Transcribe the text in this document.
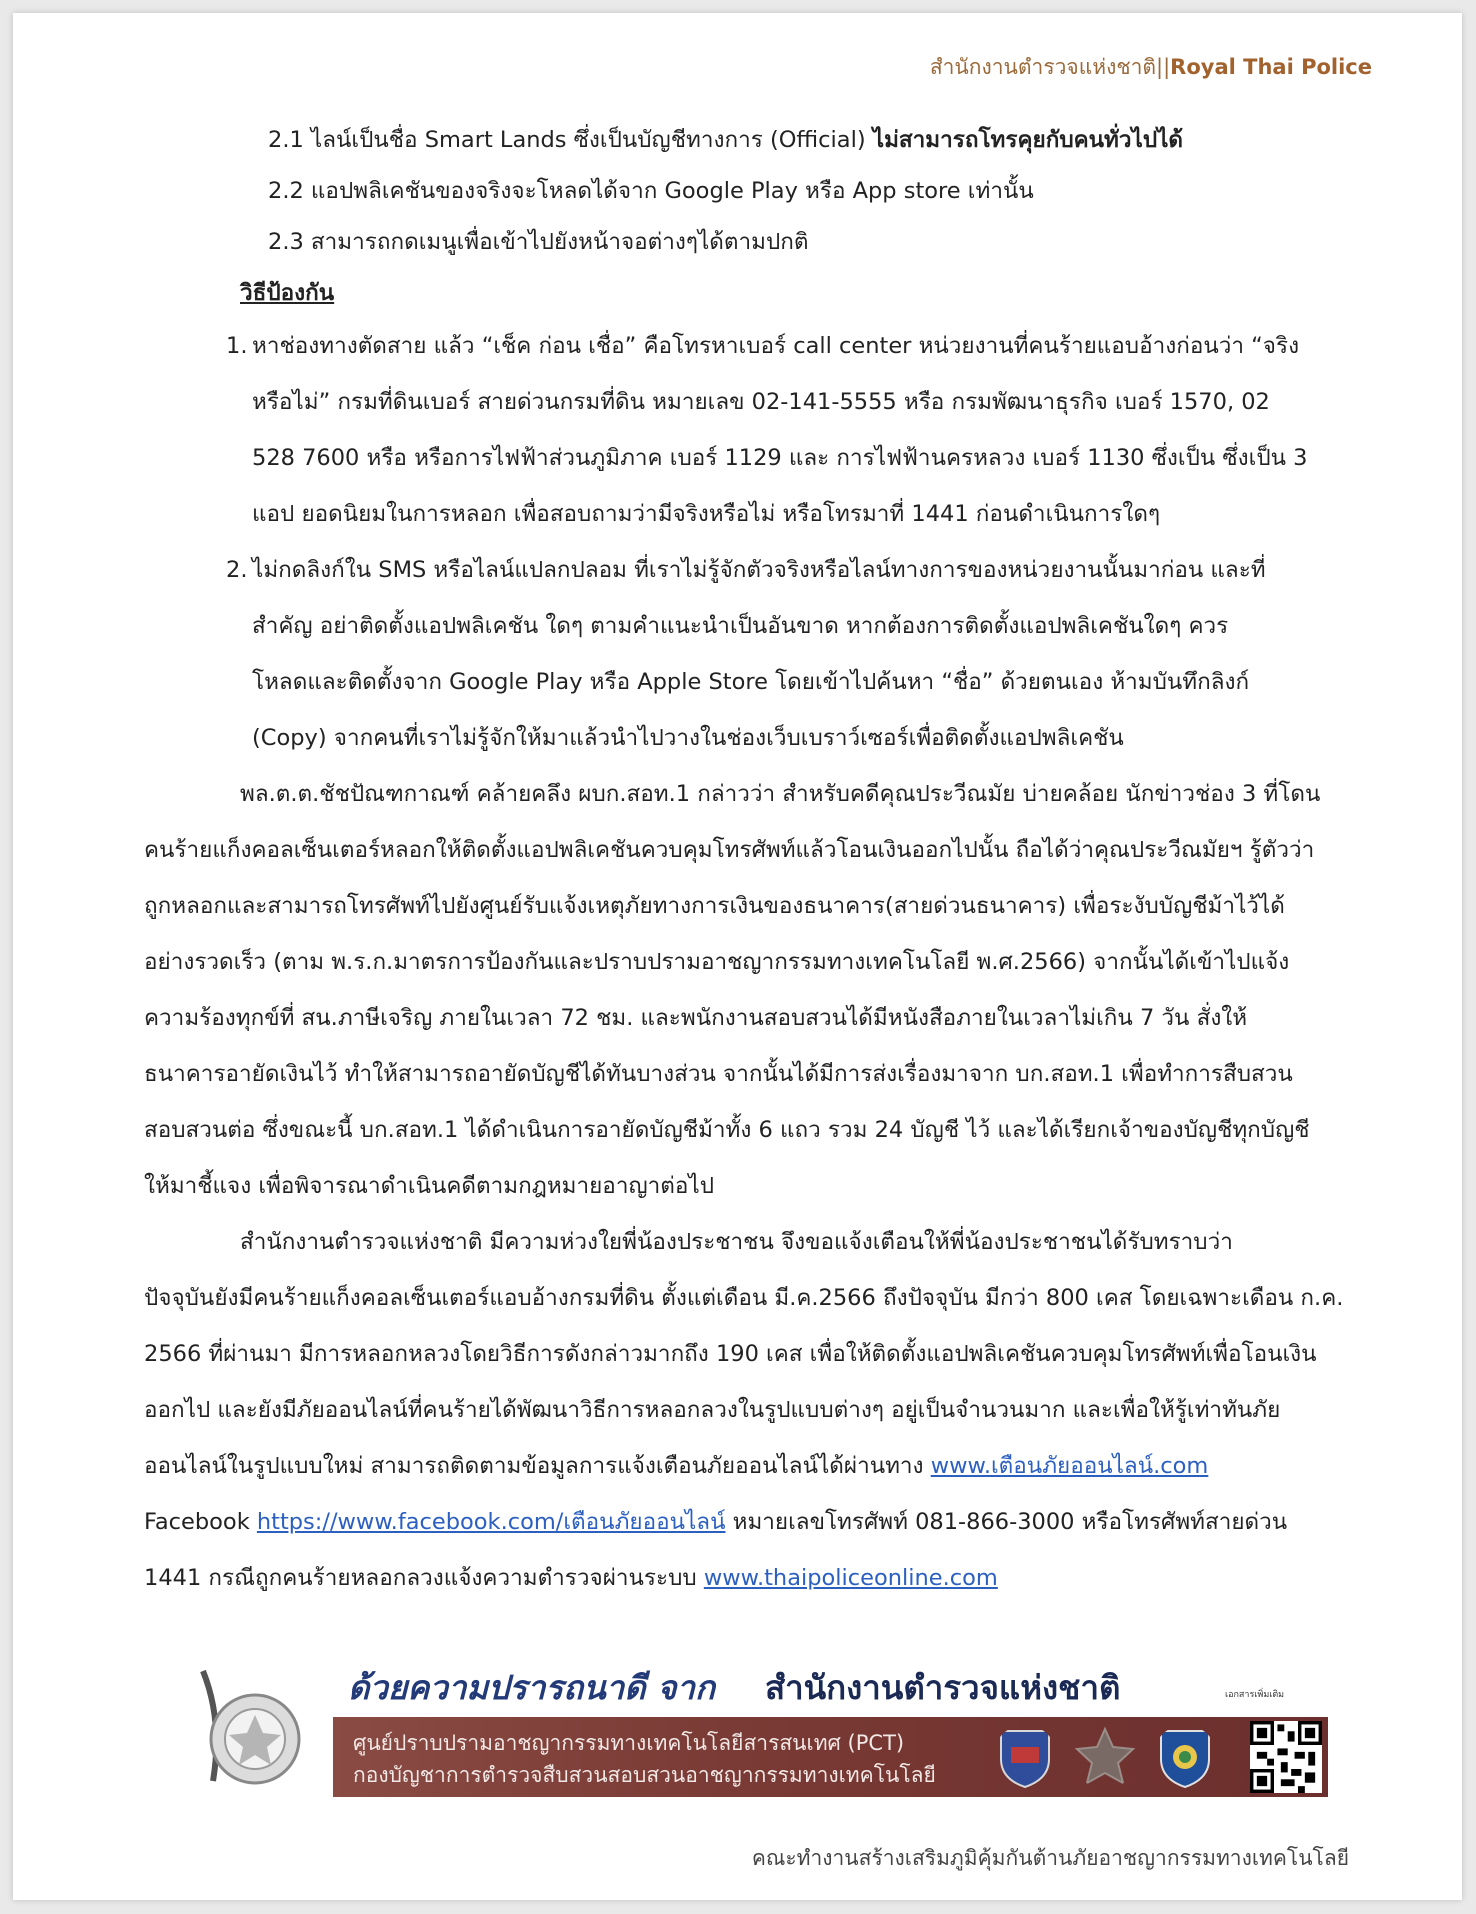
สำนักงานตำรวจแห่งชาติ||Royal Thai Police
2.1 ไลน์เป็นชื่อ Smart Lands ซึ่งเป็นบัญชีทางการ (Official) ไม่สามารถโทรคุยกับคนทั่วไปได้
2.2 แอปพลิเคชันของจริงจะโหลดได้จาก Google Play หรือ App store เท่านั้น
2.3 สามารถกดเมนูเพื่อเข้าไปยังหน้าจอต่างๆได้ตามปกติ
วิธีป้องกัน
1. หาช่องทางตัดสาย แล้ว “เช็ค ก่อน เชื่อ” คือโทรหาเบอร์ call center หน่วยงานที่คนร้ายแอบอ้างก่อนว่า “จริง
หรือไม่” กรมที่ดินเบอร์ สายด่วนกรมที่ดิน หมายเลข 02-141-5555 หรือ กรมพัฒนาธุรกิจ เบอร์ 1570, 02
528 7600 หรือ หรือการไฟฟ้าส่วนภูมิภาค เบอร์ 1129 และ การไฟฟ้านครหลวง เบอร์ 1130 ซึ่งเป็น ซึ่งเป็น 3
แอป ยอดนิยมในการหลอก เพื่อสอบถามว่ามีจริงหรือไม่ หรือโทรมาที่ 1441 ก่อนดำเนินการใดๆ
2. ไม่กดลิงก์ใน SMS หรือไลน์แปลกปลอม ที่เราไม่รู้จักตัวจริงหรือไลน์ทางการของหน่วยงานนั้นมาก่อน และที่
สำคัญ อย่าติดตั้งแอปพลิเคชัน ใดๆ ตามคำแนะนำเป็นอันขาด หากต้องการติดตั้งแอปพลิเคชันใดๆ ควร
โหลดและติดตั้งจาก Google Play หรือ Apple Store โดยเข้าไปค้นหา “ชื่อ” ด้วยตนเอง ห้ามบันทึกลิงก์
(Copy) จากคนที่เราไม่รู้จักให้มาแล้วนำไปวางในช่องเว็บเบราว์เซอร์เพื่อติดตั้งแอปพลิเคชัน
พล.ต.ต.ชัชปัณฑกาณฑ์ คล้ายคลึง ผบก.สอท.1 กล่าวว่า สำหรับคดีคุณประวีณมัย บ่ายคล้อย นักข่าวช่อง 3 ที่โดน
คนร้ายแก็งคอลเซ็นเตอร์หลอกให้ติดตั้งแอปพลิเคชันควบคุมโทรศัพท์แล้วโอนเงินออกไปนั้น ถือได้ว่าคุณประวีณมัยฯ รู้ตัวว่า
ถูกหลอกและสามารถโทรศัพท์ไปยังศูนย์รับแจ้งเหตุภัยทางการเงินของธนาคาร(สายด่วนธนาคาร) เพื่อระงับบัญชีม้าไว้ได้
อย่างรวดเร็ว (ตาม พ.ร.ก.มาตรการป้องกันและปราบปรามอาชญากรรมทางเทคโนโลยี พ.ศ.2566) จากนั้นได้เข้าไปแจ้ง
ความร้องทุกข์ที่ สน.ภาษีเจริญ ภายในเวลา 72 ชม. และพนักงานสอบสวนได้มีหนังสือภายในเวลาไม่เกิน 7 วัน สั่งให้
ธนาคารอายัดเงินไว้ ทำให้สามารถอายัดบัญชีได้ทันบางส่วน จากนั้นได้มีการส่งเรื่องมาจาก บก.สอท.1 เพื่อทำการสืบสวน
สอบสวนต่อ ซึ่งขณะนี้ บก.สอท.1 ได้ดำเนินการอายัดบัญชีม้าทั้ง 6 แถว รวม 24 บัญชี ไว้ และได้เรียกเจ้าของบัญชีทุกบัญชี
ให้มาชี้แจง เพื่อพิจารณาดำเนินคดีตามกฎหมายอาญาต่อไป
สำนักงานตำรวจแห่งชาติ มีความห่วงใยพี่น้องประชาชน จึงขอแจ้งเตือนให้พี่น้องประชาชนได้รับทราบว่า
ปัจจุบันยังมีคนร้ายแก็งคอลเซ็นเตอร์แอบอ้างกรมที่ดิน ตั้งแต่เดือน มี.ค.2566 ถึงปัจจุบัน มีกว่า 800 เคส โดยเฉพาะเดือน ก.ค.
2566 ที่ผ่านมา มีการหลอกหลวงโดยวิธีการดังกล่าวมากถึง 190 เคส เพื่อให้ติดตั้งแอปพลิเคชันควบคุมโทรศัพท์เพื่อโอนเงิน
ออกไป และยังมีภัยออนไลน์ที่คนร้ายได้พัฒนาวิธีการหลอกลวงในรูปแบบต่างๆ อยู่เป็นจำนวนมาก และเพื่อให้รู้เท่าทันภัย
ออนไลน์ในรูปแบบใหม่ สามารถติดตามข้อมูลการแจ้งเตือนภัยออนไลน์ได้ผ่านทาง www.เตือนภัยออนไลน์.com
Facebook https://www.facebook.com/เตือนภัยออนไลน์ หมายเลขโทรศัพท์ 081-866-3000 หรือโทรศัพท์สายด่วน
1441 กรณีถูกคนร้ายหลอกลวงแจ้งความตำรวจผ่านระบบ www.thaipoliceonline.com
ด้วยความปรารถนาดี จาก สำนักงานตำรวจแห่งชาติ	เอกสารเพิ่มเติม
ศูนย์ปราบปรามอาชญากรรมทางเทคโนโลยีสารสนเทศ (PCT)
กองบัญชาการตำรวจสืบสวนสอบสวนอาชญากรรมทางเทคโนโลยี
คณะทำงานสร้างเสริมภูมิคุ้มกันต้านภัยอาชญากรรมทางเทคโนโลยี
